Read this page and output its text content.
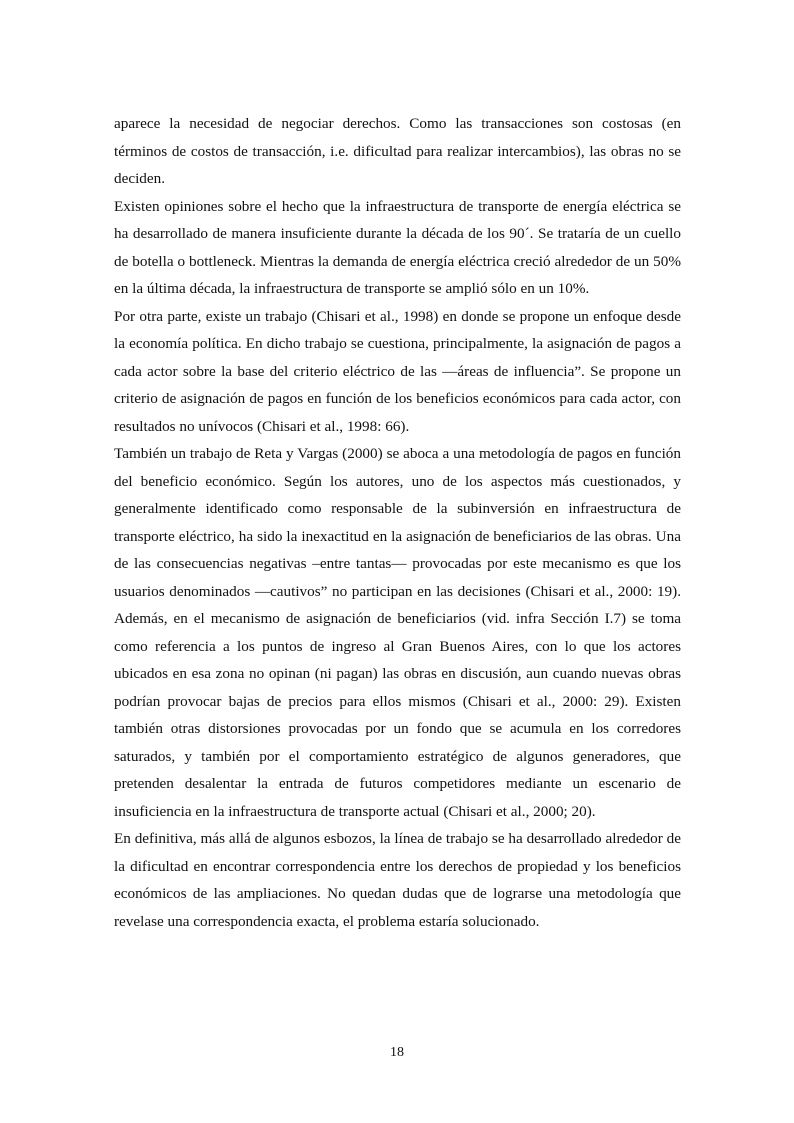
aparece la necesidad de negociar derechos. Como las transacciones son costosas (en términos de costos de transacción, i.e. dificultad para realizar intercambios), las obras no se deciden.

Existen opiniones sobre el hecho que la infraestructura de transporte de energía eléctrica se ha desarrollado de manera insuficiente durante la década de los 90´. Se trataría de un cuello de botella o bottleneck. Mientras la demanda de energía eléctrica creció alrededor de un 50% en la última década, la infraestructura de transporte se amplió sólo en un 10%.

Por otra parte, existe un trabajo (Chisari et al., 1998) en donde se propone un enfoque desde la economía política. En dicho trabajo se cuestiona, principalmente, la asignación de pagos a cada actor sobre la base del criterio eléctrico de las ―áreas de influencia”. Se propone un criterio de asignación de pagos en función de los beneficios económicos para cada actor, con resultados no unívocos (Chisari et al., 1998: 66).

También un trabajo de Reta y Vargas (2000) se aboca a una metodología de pagos en función del beneficio económico. Según los autores, uno de los aspectos más cuestionados, y generalmente identificado como responsable de la subinversión en infraestructura de transporte eléctrico, ha sido la inexactitud en la asignación de beneficiarios de las obras. Una de las consecuencias negativas –entre tantas— provocadas por este mecanismo es que los usuarios denominados ―cautivos” no participan en las decisiones (Chisari et al., 2000: 19). Además, en el mecanismo de asignación de beneficiarios (vid. infra Sección I.7) se toma como referencia a los puntos de ingreso al Gran Buenos Aires, con lo que los actores ubicados en esa zona no opinan (ni pagan) las obras en discusión, aun cuando nuevas obras podrían provocar bajas de precios para ellos mismos (Chisari et al., 2000: 29). Existen también otras distorsiones provocadas por un fondo que se acumula en los corredores saturados, y también por el comportamiento estratégico de algunos generadores, que pretenden desalentar la entrada de futuros competidores mediante un escenario de insuficiencia en la infraestructura de transporte actual (Chisari et al., 2000; 20).

En definitiva, más allá de algunos esbozos, la línea de trabajo se ha desarrollado alrededor de la dificultad en encontrar correspondencia entre los derechos de propiedad y los beneficios económicos de las ampliaciones. No quedan dudas que de lograrse una metodología que revelase una correspondencia exacta, el problema estaría solucionado.

18
